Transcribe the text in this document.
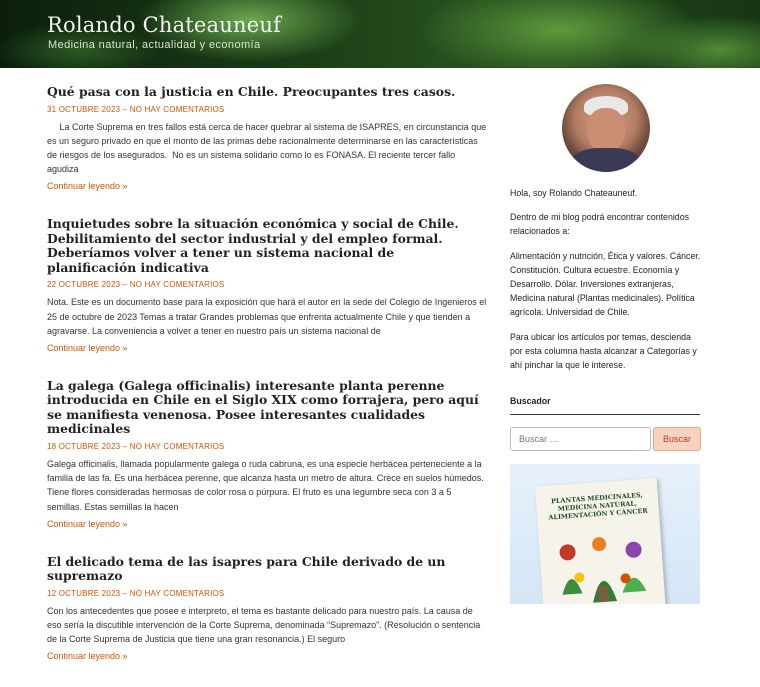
Rolando Chateauneuf
Medicina natural, actualidad y economía
Qué pasa con la justicia en Chile. Preocupantes tres casos.
31 OCTUBRE 2023 – NO HAY COMENTARIOS

La Corte Suprema en tres fallos está cerca de hacer quebrar al sistema de ISAPRES, en circunstancia que es un seguro privado en que el monto de las primas debe racionalmente determinarse en las características de riesgos de los asegurados.  No es un sistema solidario como lo es FONASA. El reciente tercer fallo agudiza

Continuar leyendo »
Inquietudes sobre la situación económica y social de Chile. Debilitamiento del sector industrial y del empleo formal. Deberíamos volver a tener un sistema nacional de planificación indicativa
22 OCTUBRE 2023 – NO HAY COMENTARIOS

Nota. Este es un documento base para la exposición que hará el autor en la sede del Colegio de Ingenieros el 25 de octubre de 2023 Temas a tratar Grandes problemas que enfrenta actualmente Chile y que tienden a agravarse. La conveniencia a volver a tener en nuestro país un sistema nacional de

Continuar leyendo »
La galega (Galega officinalis) interesante planta perenne introducida en Chile en el Siglo XIX como forrajera, pero aquí se manifiesta venenosa. Posee interesantes cualidades medicinales
18 OCTUBRE 2023 – NO HAY COMENTARIOS

Galega officinalis, llamada popularmente galega o ruda cabruna, es una especie herbácea perteneciente a la familia de las fa. Es una herbácea perenne, que alcanza hasta un metro de altura. Crece en suelos húmedos. Tiene flores consideradas hermosas de color rosa o púrpura. El fruto es una legumbre seca con 3 a 5 semillas. Estas semillas la hacen

Continuar leyendo »
El delicado tema de las isapres para Chile derivado de un supremazo
12 OCTUBRE 2023 – NO HAY COMENTARIOS

Con los antecedentes que posee e interpreto, el tema es bastante delicado para nuestro país. La causa de eso sería la discutible intervención de la Corte Suprema, denominada “Supremazo”. (Resolución o sentencia de la Corte Suprema de Justicia que tiene una gran resonancia.) El seguro

Continuar leyendo »

Hola, soy Rolando Chateauneuf.

Dentro de mi blog podrá encontrar contenidos relacionados a:

Alimentación y nutrición, Ética y valores. Cáncer. Constitución. Cultura ecuestre. Economía y Desarrollo. Dólar. Inversiones extranjeras, Medicina natural (Plantas medicinales). Política agrícola. Universidad de Chile.

Para ubicar los artículos por temas, descienda por esta columna hasta alcanzar a Categorías y ahí pinchar la que le interese.

Buscador
Buscar …
Buscar
PLANTAS MEDICINALES, MEDICINA NATURAL, ALIMENTACIÓN Y CÁNCER
